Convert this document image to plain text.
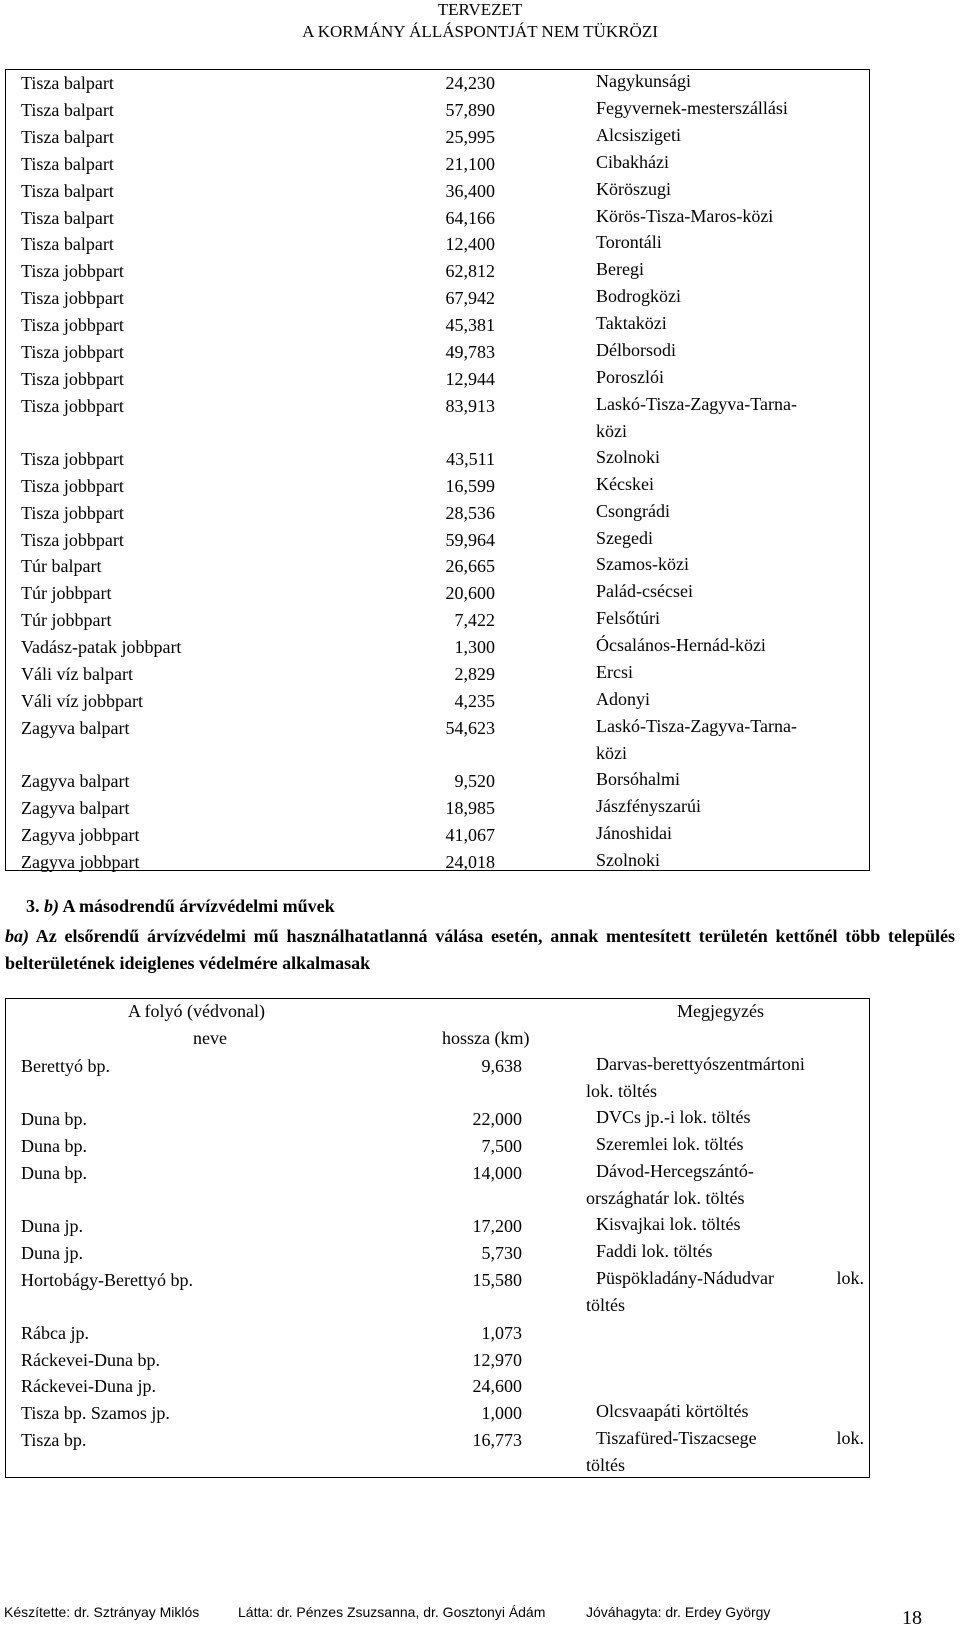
TERVEZET
A KORMÁNY ÁLLÁSPONTJÁT NEM TÜKRÖZI
Tisza balpart	24,230	Nagykunsági
Tisza balpart	57,890	Fegyvernek-mesterszállási
Tisza balpart	25,995	Alcsiszigeti
Tisza balpart	21,100	Cibakházi
Tisza balpart	36,400	Köröszugi
Tisza balpart	64,166	Körös-Tisza-Maros-közi
Tisza balpart	12,400	Torontáli
Tisza jobbpart	62,812	Beregi
Tisza jobbpart	67,942	Bodrogközi
Tisza jobbpart	45,381	Taktaközi
Tisza jobbpart	49,783	Délborsodi
Tisza jobbpart	12,944	Poroszlói
Tisza jobbpart	83,913	Laskó-Tisza-Zagyva-Tarna-
közi
Tisza jobbpart	43,511	Szolnoki
Tisza jobbpart	16,599	Kécskei
Tisza jobbpart	28,536	Csongrádi
Tisza jobbpart	59,964	Szegedi
Túr balpart	26,665	Szamos-közi
Túr jobbpart	20,600	Palád-csécsei
Túr jobbpart	7,422	Felsőtúri
Vadász-patak jobbpart	1,300	Ócsalános-Hernád-közi
Váli víz balpart	2,829	Ercsi
Váli víz jobbpart	4,235	Adonyi
Zagyva balpart	54,623	Laskó-Tisza-Zagyva-Tarna-
közi
Zagyva balpart	9,520	Borsóhalmi
Zagyva balpart	18,985	Jászfényszarúi
Zagyva jobbpart	41,067	Jánoshidai
Zagyva jobbpart	24,018	Szolnoki
3. b) A másodrendű árvízvédelmi művek
ba) Az elsőrendű árvízvédelmi mű használhatatlanná válása esetén, annak mentesített területén kettőnél több település belterületének ideiglenes védelmére alkalmasak
A folyó (védvonal)	Megjegyzés
neve	hossza (km)
Berettyó bp.	9,638	Darvas-berettyószentmártoni
lok. töltés
Duna bp.	22,000	DVCs jp.-i lok. töltés
Duna bp.	7,500	Szeremlei lok. töltés
Duna bp.	14,000	Dávod-Hercegszántó-
országhatár lok. töltés
Duna jp.	17,200	Kisvajkai lok. töltés
Duna jp.	5,730	Faddi lok. töltés
Hortobágy-Berettyó bp.	15,580	Püspökladány-Nádudvar lok.
töltés
Rábca jp.	1,073
Ráckevei-Duna bp.	12,970
Ráckevei-Duna jp.	24,600
Tisza bp. Szamos jp.	1,000	Olcsvaapáti körtöltés
Tisza bp.	16,773	Tiszafüred-Tiszacsege lok.
töltés
Készítette: dr. Sztrányay Miklós	Látta: dr. Pénzes Zsuzsanna, dr. Gosztonyi Ádám	Jóváhagyta: dr. Erdey György	18
